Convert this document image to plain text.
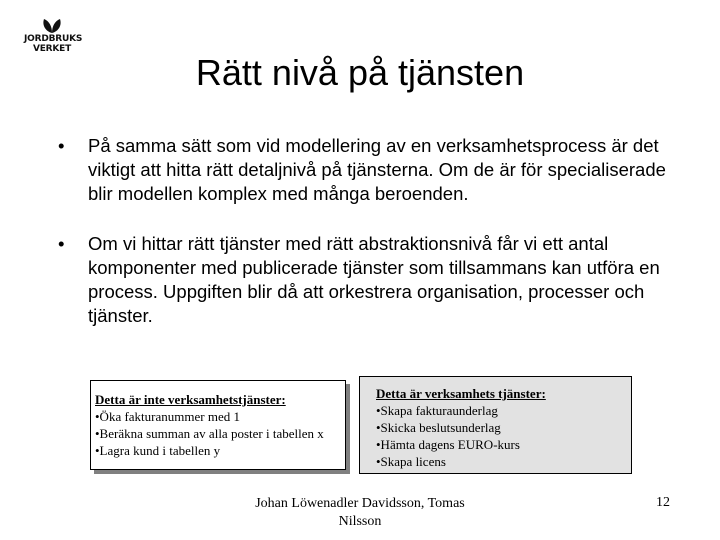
JORDBRUKS
VERKET
Rätt nivå på tjänsten
• På samma sätt som vid modellering av en verksamhetsprocess är det viktigt att hitta rätt detaljnivå på tjänsterna. Om de är för specialiserade blir modellen komplex med många beroenden.
• Om vi hittar rätt tjänster med rätt abstraktionsnivå får vi ett antal komponenter med publicerade tjänster som tillsammans kan utföra en process. Uppgiften blir då att orkestrera organisation, processer och tjänster.
Detta är inte verksamhetstjänster:
•Öka fakturanummer med 1
•Beräkna summan av alla poster i tabellen x
•Lagra kund i tabellen y
Detta är verksamhets tjänster:
•Skapa fakturaunderlag
•Skicka beslutsunderlag
•Hämta dagens EURO-kurs
•Skapa licens
Johan Löwenadler Davidsson, Tomas Nilsson
12
